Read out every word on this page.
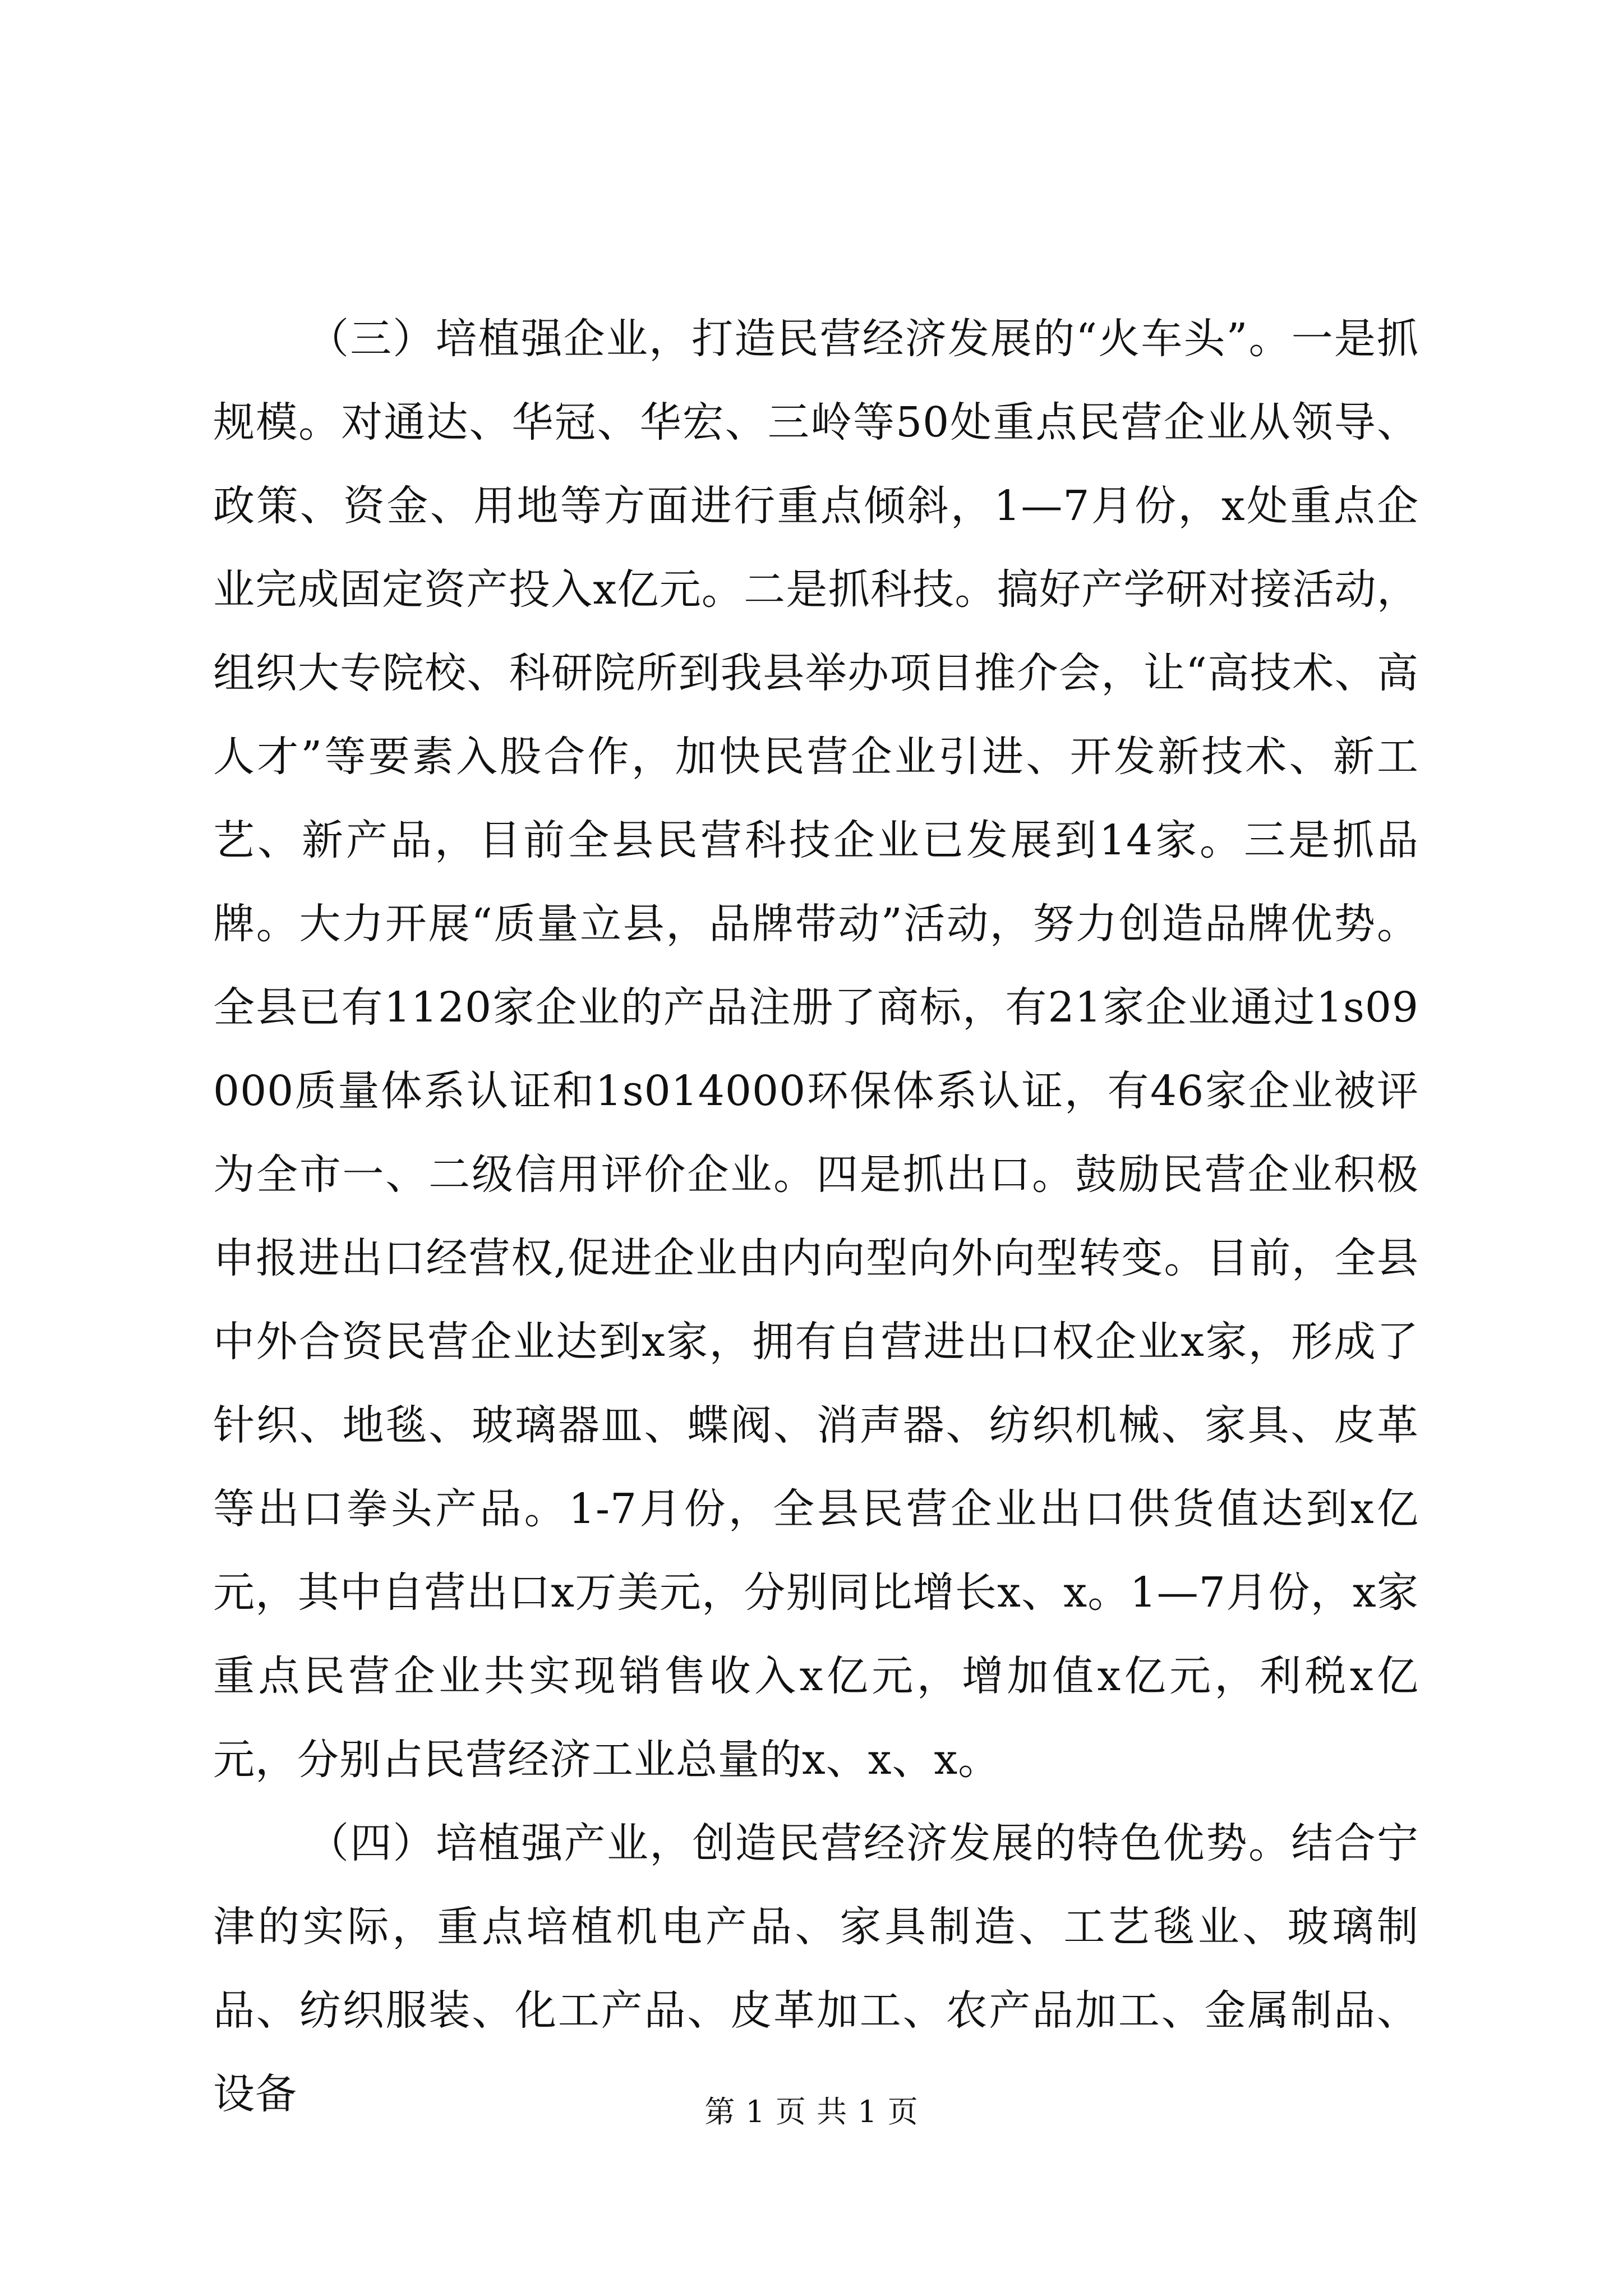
（三）培植强企业，打造民营经济发展的“火车头”。一是抓规模。对通达、华冠、华宏、三岭等50处重点民营企业从领导、政策、资金、用地等方面进行重点倾斜，1—7月份，x处重点企业完成固定资产投入x亿元。二是抓科技。搞好产学研对接活动，组织大专院校、科研院所到我县举办项目推介会，让“高技术、高人才”等要素入股合作，加快民营企业引进、开发新技术、新工艺、新产品，目前全县民营科技企业已发展到14家。三是抓品牌。大力开展“质量立县，品牌带动”活动，努力创造品牌优势。全县已有1120家企业的产品注册了商标，有21家企业通过1s09000质量体系认证和1s014000环保体系认证，有46家企业被评为全市一、二级信用评价企业。四是抓出口。鼓励民营企业积极申报进出口经营权,促进企业由内向型向外向型转变。目前，全县中外合资民营企业达到x家，拥有自营进出口权企业x家，形成了针织、地毯、玻璃器皿、蝶阀、消声器、纺织机械、家具、皮革等出口拳头产品。1-7月份，全县民营企业出口供货值达到x亿元，其中自营出口x万美元，分别同比增长x、x。1—7月份，x家重点民营企业共实现销售收入x亿元，增加值x亿元，利税x亿元，分别占民营经济工业总量的x、x、x。

（四）培植强产业，创造民营经济发展的特色优势。结合宁津的实际，重点培植机电产品、家具制造、工艺毯业、玻璃制品、纺织服装、化工产品、皮革加工、农产品加工、金属制品、设备	第 1 页 共 1 页
